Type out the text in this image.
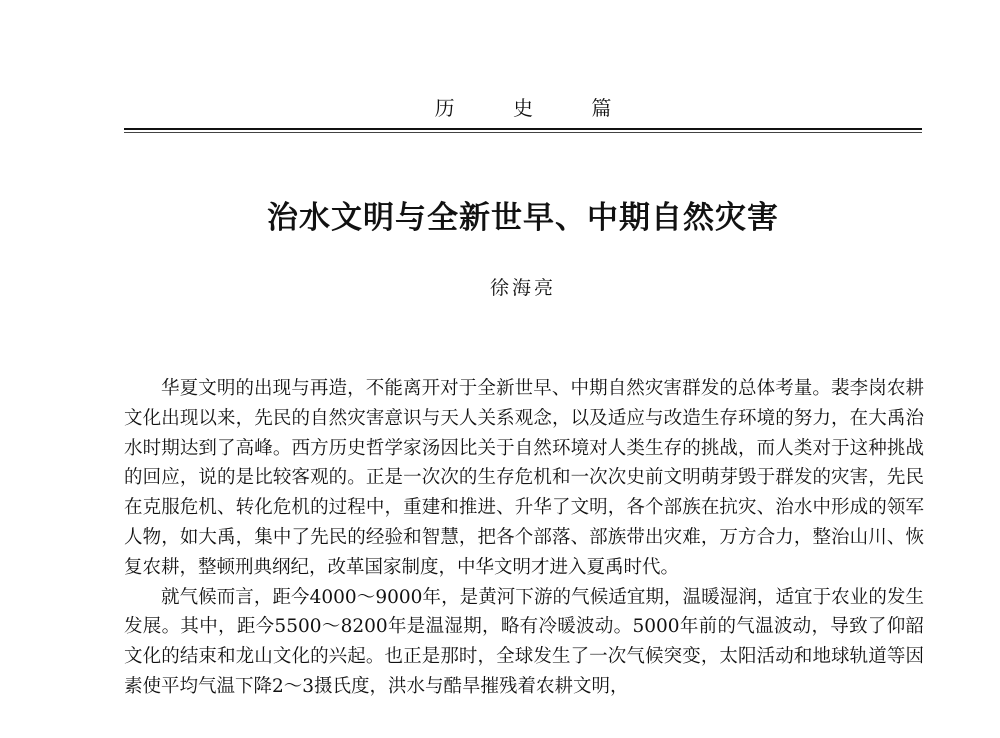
历 史 篇
治水文明与全新世早、中期自然灾害
徐海亮

华夏文明的出现与再造，不能离开对于全新世早、中期自然灾害群发的总体考量。裴李岗农耕文化出现以来，先民的自然灾害意识与天人关系观念，以及适应与改造生存环境的努力，在大禹治水时期达到了高峰。西方历史哲学家汤因比关于自然环境对人类生存的挑战，而人类对于这种挑战的回应，说的是比较客观的。正是一次次的生存危机和一次次史前文明萌芽毁于群发的灾害，先民在克服危机、转化危机的过程中，重建和推进、升华了文明，各个部族在抗灾、治水中形成的领军人物，如大禹，集中了先民的经验和智慧，把各个部落、部族带出灾难，万方合力，整治山川、恢复农耕，整顿刑典纲纪，改革国家制度，中华文明才进入夏禹时代。

就气候而言，距今4000～9000年，是黄河下游的气候适宜期，温暖湿润，适宜于农业的发生发展。其中，距今5500～8200年是温湿期，略有冷暖波动。5000年前的气温波动，导致了仰韶文化的结束和龙山文化的兴起。也正是那时，全球发生了一次气候突变，太阳活动和地球轨道等因素使平均气温下降2～3摄氏度，洪水与酷旱摧残着农耕文明，
